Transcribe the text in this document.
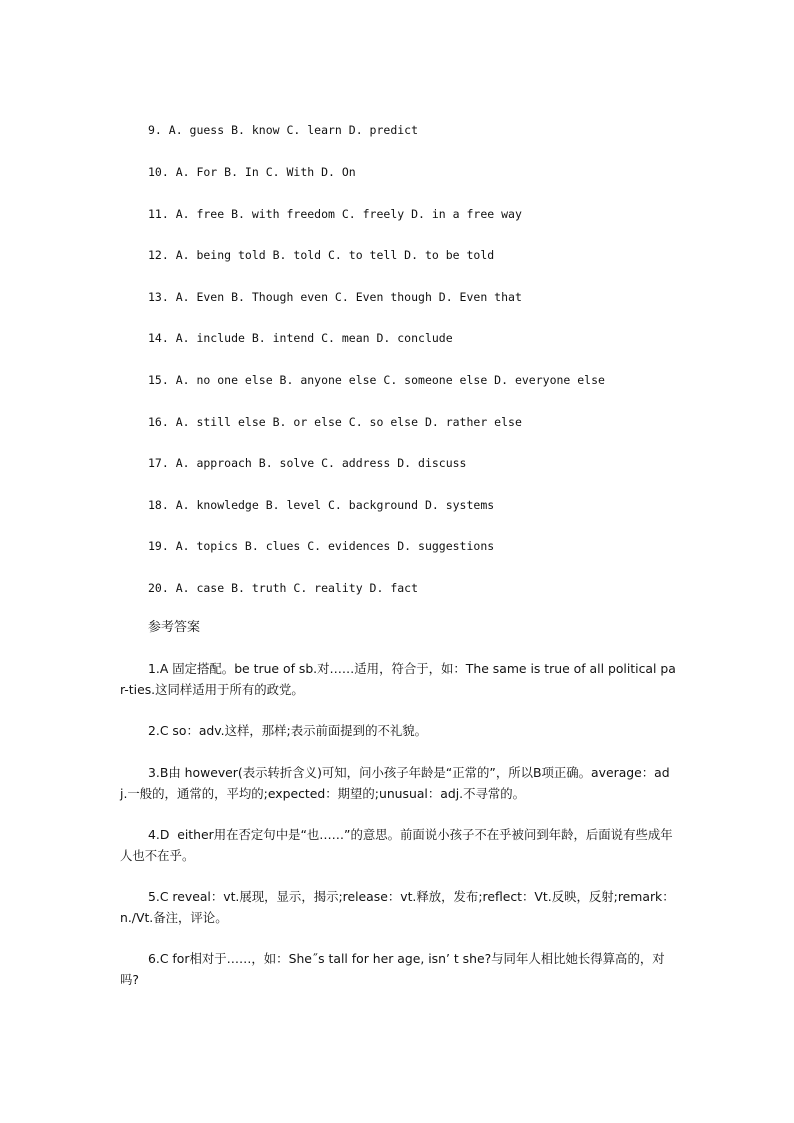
9. A. guess B. know C. learn D. predict

10. A. For B. In C. With D. On

11. A. free B. with freedom C. freely D. in a free way

12. A. being told B. told C. to tell D. to be told

13. A. Even B. Though even C. Even though D. Even that

14. A. include B. intend C. mean D. conclude

15. A. no one else B. anyone else C. someone else D. everyone else

16. A. still else B. or else C. so else D. rather else

17. A. approach B. solve C. address D. discuss

18. A. knowledge B. level C. background D. systems

19. A. topics B. clues C. evidences D. suggestions

20. A. case B. truth C. reality D. fact

参考答案

1.A 固定搭配。be true of sb.对……适用，符合于，如：The same is true of all political par-ties.这同样适用于所有的政党。

2.C so：adv.这样，那样;表示前面提到的不礼貌。

3.B由 however(表示转折含义)可知，问小孩子年龄是“正常的”，所以B项正确。average：adj.一般的，通常的，平均的;expected：期望的;unusual：adj.不寻常的。

4.D  either用在否定句中是“也……”的意思。前面说小孩子不在乎被问到年龄，后面说有些成年人也不在乎。

5.C reveal：vt.展现，显示，揭示;release：vt.释放，发布;reflect：Vt.反映，反射;remark：n./Vt.备注，评论。

6.C for相对于……，如：She˝s tall for her age, isn’ t she?与同年人相比她长得算高的，对吗?
